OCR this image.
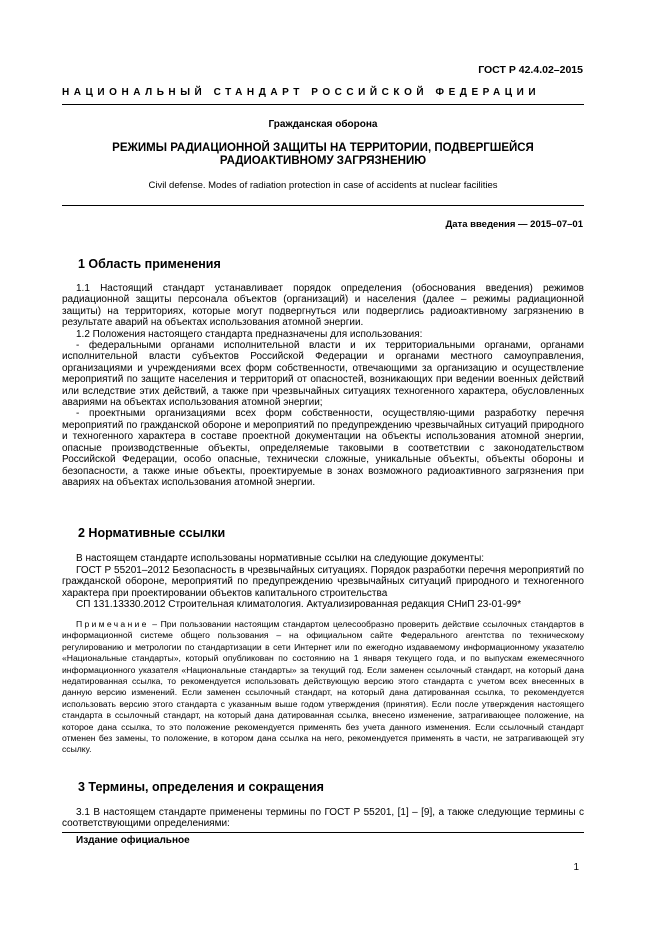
ГОСТ Р 42.4.02–2015
НАЦИОНАЛЬНЫЙ СТАНДАРТ РОССИЙСКОЙ ФЕДЕРАЦИИ
Гражданская оборона
РЕЖИМЫ РАДИАЦИОННОЙ ЗАЩИТЫ НА ТЕРРИТОРИИ, ПОДВЕРГШЕЙСЯ
РАДИОАКТИВНОМУ ЗАГРЯЗНЕНИЮ
Civil defense. Modes of radiation protection in case of accidents at nuclear facilities
Дата введения — 2015–07–01
1 Область применения

1.1 Настоящий стандарт устанавливает порядок определения (обоснования введения) режимов радиационной защиты персонала объектов (организаций) и населения (далее – режимы радиационной защиты) на территориях, которые могут подвергнуться или подверглись радиоактивному загрязнению в результате аварий на объектах использования атомной энергии.

1.2 Положения настоящего стандарта предназначены для использования:

- федеральными органами исполнительной власти и их территориальными органами, органами исполнительной власти субъектов Российской Федерации и органами местного самоуправления, организациями и учреждениями всех форм собственности, отвечающими за организацию и осуществление мероприятий по защите населения и территорий от опасностей, возникающих при ведении военных действий или вследствие этих действий, а также при чрезвычайных ситуациях техногенного характера, обусловленных авариями на объектах использования атомной энергии;

- проектными организациями всех форм собственности, осуществляю-щими разработку перечня мероприятий по гражданской обороне и мероприятий по предупреждению чрезвычайных ситуаций природного и техногенного характера в составе проектной документации на объекты использования атомной энергии, опасные производственные объекты, определяемые таковыми в соответствии с законодательством Российской Федерации, особо опасные, технически сложные, уникальные объекты, объекты обороны и безопасности, а также иные объекты, проектируемые в зонах возможного радиоактивного загрязнения при авариях на объектах использования атомной энергии.

2 Нормативные ссылки

В настоящем стандарте использованы нормативные ссылки на следующие документы:

ГОСТ Р 55201–2012 Безопасность в чрезвычайных ситуациях. Порядок разработки перечня мероприятий по гражданской обороне, мероприятий по предупреждению чрезвычайных ситуаций природного и техногенного характера при проектировании объектов капитального строительства

СП 131.13330.2012 Строительная климатология. Актуализированная редакция СНиП 23-01-99*

Примечание – При пользовании настоящим стандартом целесообразно проверить действие ссылочных стандартов в информационной системе общего пользования – на официальном сайте Федерального агентства по техническому регулированию и метрологии по стандартизации в сети Интернет или по ежегодно издаваемому информационному указателю «Национальные стандарты», который опубликован по состоянию на 1 января текущего года, и по выпускам ежемесячного информационного указателя «Национальные стандарты» за текущий год. Если заменен ссылочный стандарт, на который дана недатированная ссылка, то рекомендуется использовать действующую версию этого стандарта с учетом всех внесенных в данную версию изменений. Если заменен ссылочный стандарт, на который дана датированная ссылка, то рекомендуется использовать версию этого стандарта с указанным выше годом утверждения (принятия). Если после утверждения настоящего стандарта в ссылочный стандарт, на который дана датированная ссылка, внесено изменение, затрагивающее положение, на которое дана ссылка, то это положение рекомендуется применять без учета данного изменения. Если ссылочный стандарт отменен без замены, то положение, в котором дана ссылка на него, рекомендуется применять в части, не затрагивающей эту ссылку.

3 Термины, определения и сокращения

3.1 В настоящем стандарте применены термины по ГОСТ Р 55201, [1] – [9], а также следующие термины с соответствующими определениями:

Издание официальное
1
